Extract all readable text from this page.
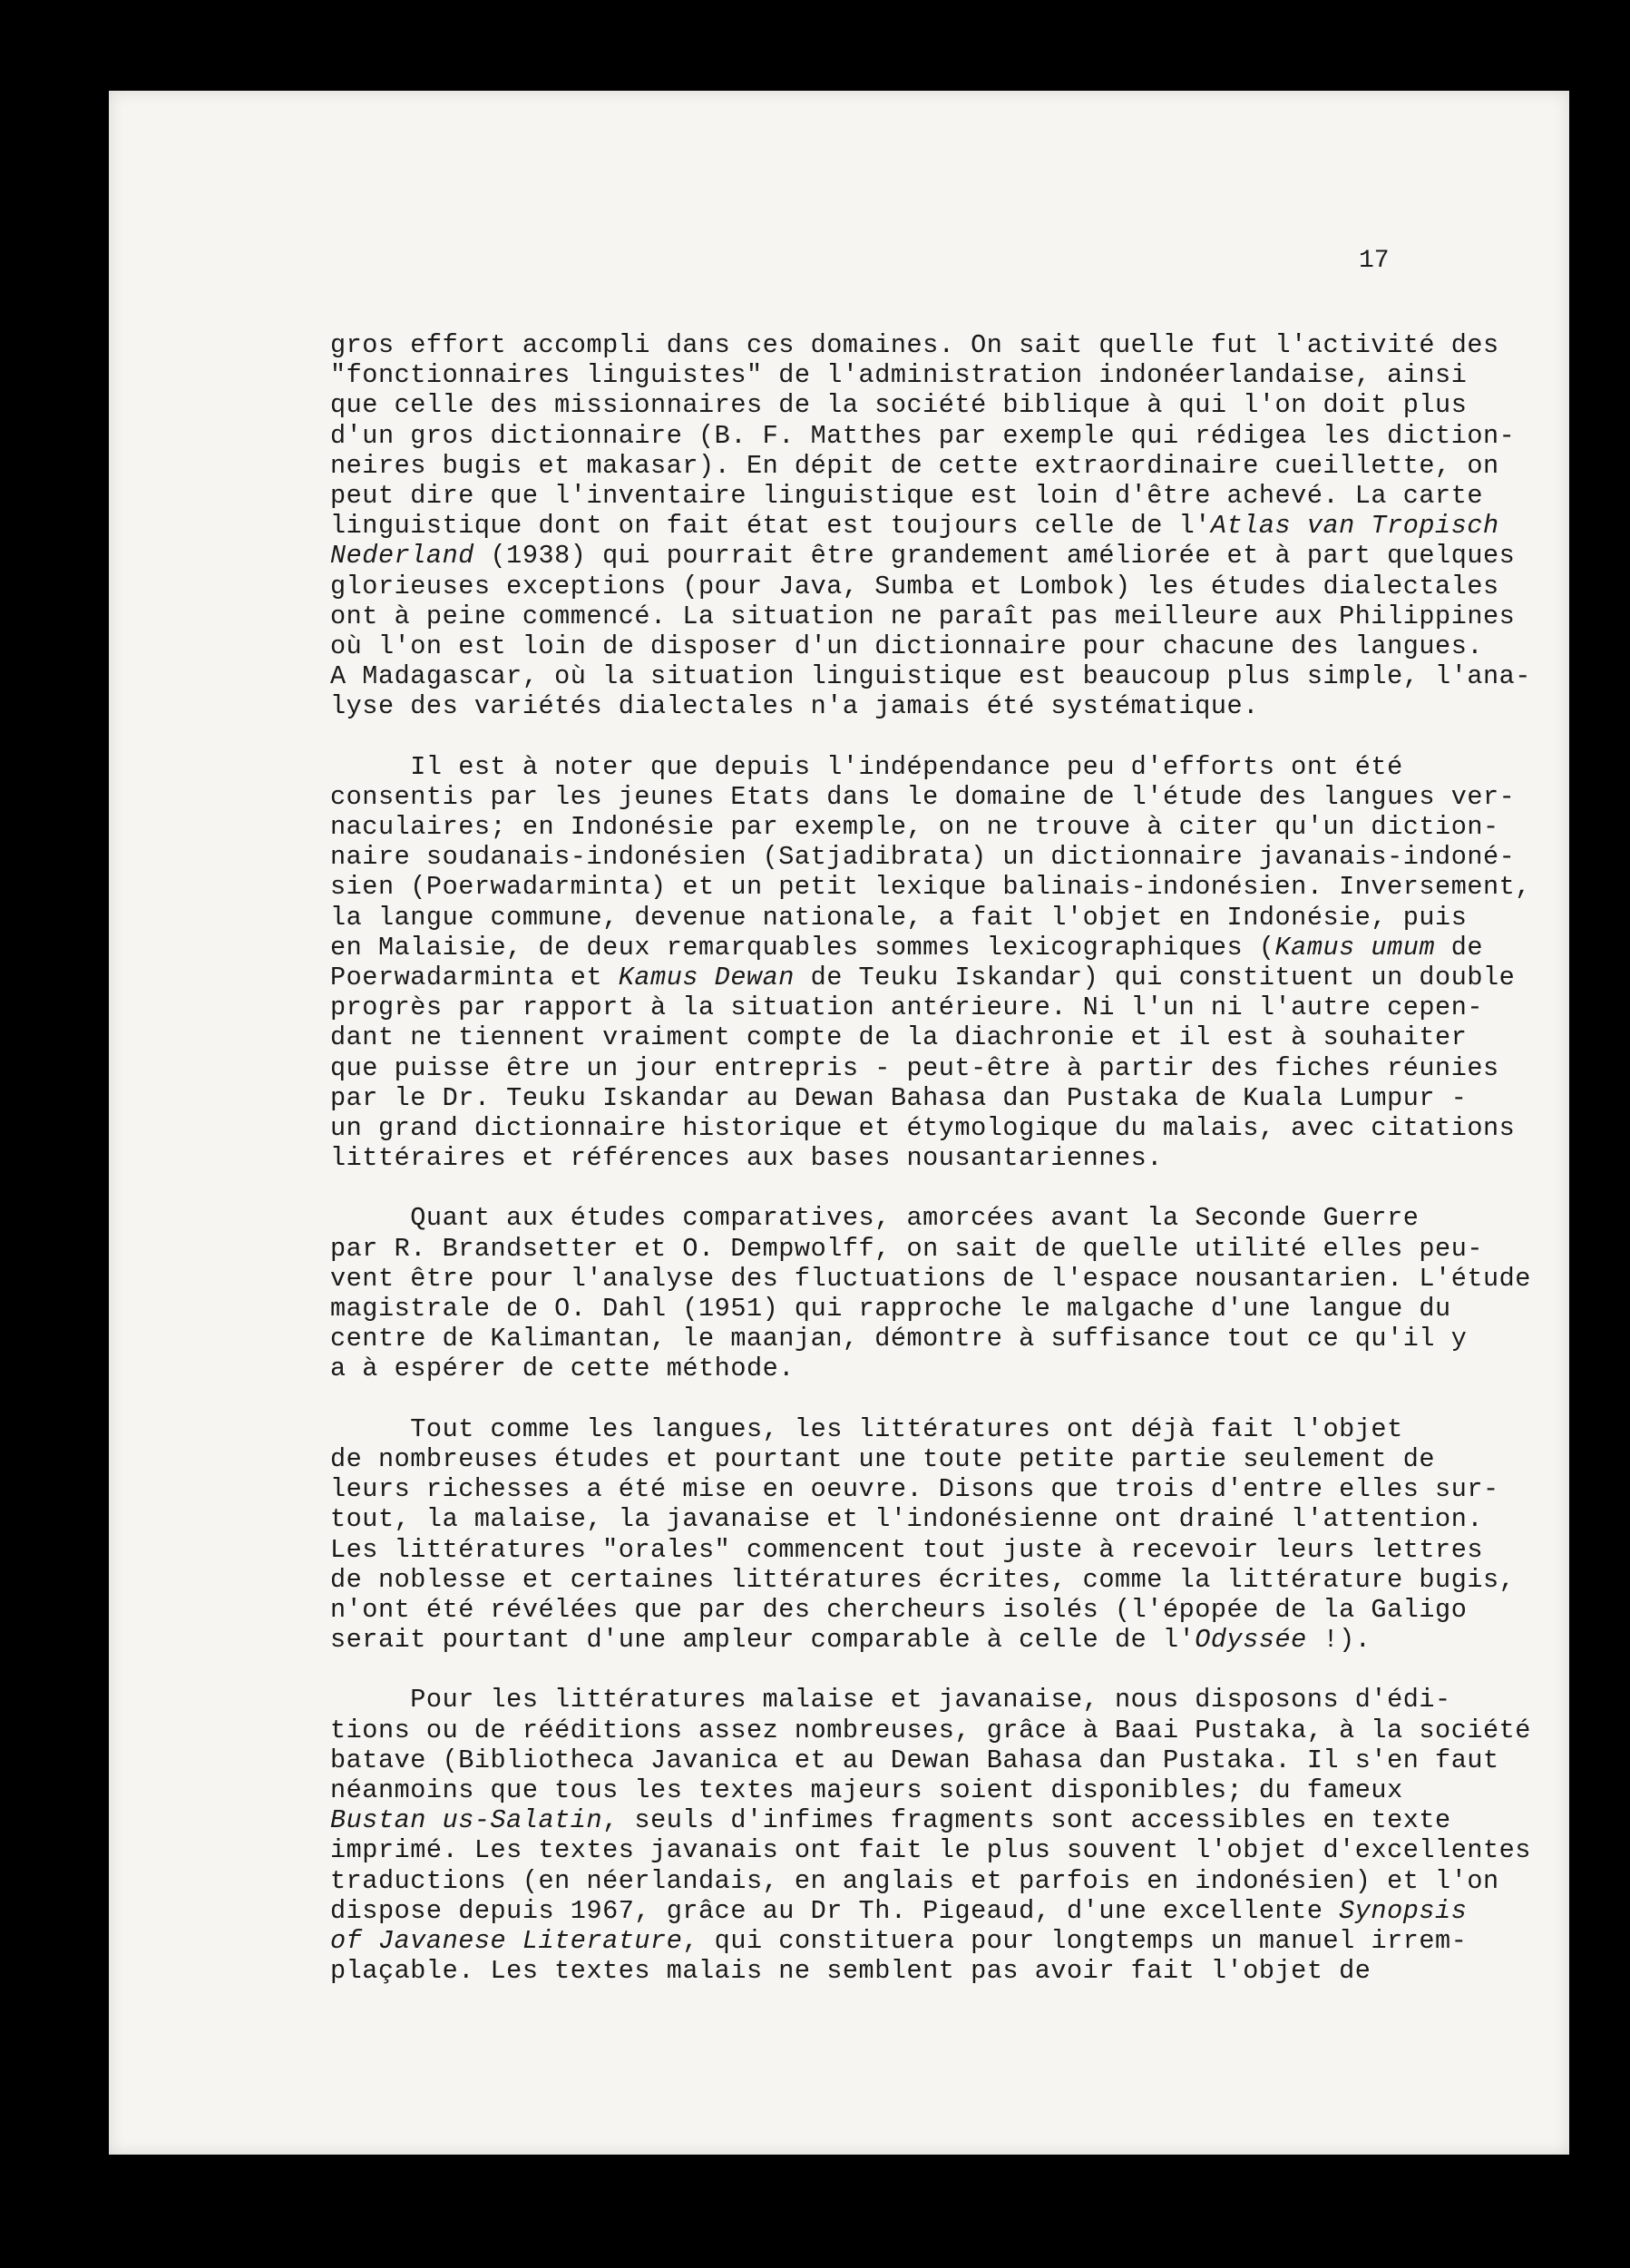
17
gros effort accompli dans ces domaines. On sait quelle fut l'activité des
"fonctionnaires linguistes" de l'administration indonéerlandaise, ainsi
que celle des missionnaires de la société biblique à qui l'on doit plus
d'un gros dictionnaire (B. F. Matthes par exemple qui rédigea les diction-
neires bugis et makasar). En dépit de cette extraordinaire cueillette, on
peut dire que l'inventaire linguistique est loin d'être achevé. La carte
linguistique dont on fait état est toujours celle de l'Atlas van Tropisch
Nederland (1938) qui pourrait être grandement améliorée et à part quelques
glorieuses exceptions (pour Java, Sumba et Lombok) les études dialectales
ont à peine commencé. La situation ne paraît pas meilleure aux Philippines
où l'on est loin de disposer d'un dictionnaire pour chacune des langues.
A Madagascar, où la situation linguistique est beaucoup plus simple, l'ana-
lyse des variétés dialectales n'a jamais été systématique.
Il est à noter que depuis l'indépendance peu d'efforts ont été
consentis par les jeunes Etats dans le domaine de l'étude des langues ver-
naculaires; en Indonésie par exemple, on ne trouve à citer qu'un diction-
naire soudanais-indonésien (Satjadibrata) un dictionnaire javanais-indoné-
sien (Poerwadarminta) et un petit lexique balinais-indonésien. Inversement,
la langue commune, devenue nationale, a fait l'objet en Indonésie, puis
en Malaisie, de deux remarquables sommes lexicographiques (Kamus umum de
Poerwadarminta et Kamus Dewan de Teuku Iskandar) qui constituent un double
progrès par rapport à la situation antérieure. Ni l'un ni l'autre cepen-
dant ne tiennent vraiment compte de la diachronie et il est à souhaiter
que puisse être un jour entrepris - peut-être à partir des fiches réunies
par le Dr. Teuku Iskandar au Dewan Bahasa dan Pustaka de Kuala Lumpur -
un grand dictionnaire historique et étymologique du malais, avec citations
littéraires et références aux bases nousantariennes.
Quant aux études comparatives, amorcées avant la Seconde Guerre
par R. Brandsetter et O. Dempwolff, on sait de quelle utilité elles peu-
vent être pour l'analyse des fluctuations de l'espace nousantarien. L'étude
magistrale de O. Dahl (1951) qui rapproche le malgache d'une langue du
centre de Kalimantan, le maanjan, démontre à suffisance tout ce qu'il y
a à espérer de cette méthode.
Tout comme les langues, les littératures ont déjà fait l'objet
de nombreuses études et pourtant une toute petite partie seulement de
leurs richesses a été mise en oeuvre. Disons que trois d'entre elles sur-
tout, la malaise, la javanaise et l'indonésienne ont drainé l'attention.
Les littératures "orales" commencent tout juste à recevoir leurs lettres
de noblesse et certaines littératures écrites, comme la littérature bugis,
n'ont été révélées que par des chercheurs isolés (l'épopée de la Galigo
serait pourtant d'une ampleur comparable à celle de l'Odyssée !).
Pour les littératures malaise et javanaise, nous disposons d'édi-
tions ou de rééditions assez nombreuses, grâce à Baai Pustaka, à la société
batave (Bibliotheca Javanica et au Dewan Bahasa dan Pustaka. Il s'en faut
néanmoins que tous les textes majeurs soient disponibles; du fameux
Bustan us-Salatin, seuls d'infimes fragments sont accessibles en texte
imprimé. Les textes javanais ont fait le plus souvent l'objet d'excellentes
traductions (en néerlandais, en anglais et parfois en indonésien) et l'on
dispose depuis 1967, grâce au Dr Th. Pigeaud, d'une excellente Synopsis
of Javanese Literature, qui constituera pour longtemps un manuel irrem-
plaçable. Les textes malais ne semblent pas avoir fait l'objet de
